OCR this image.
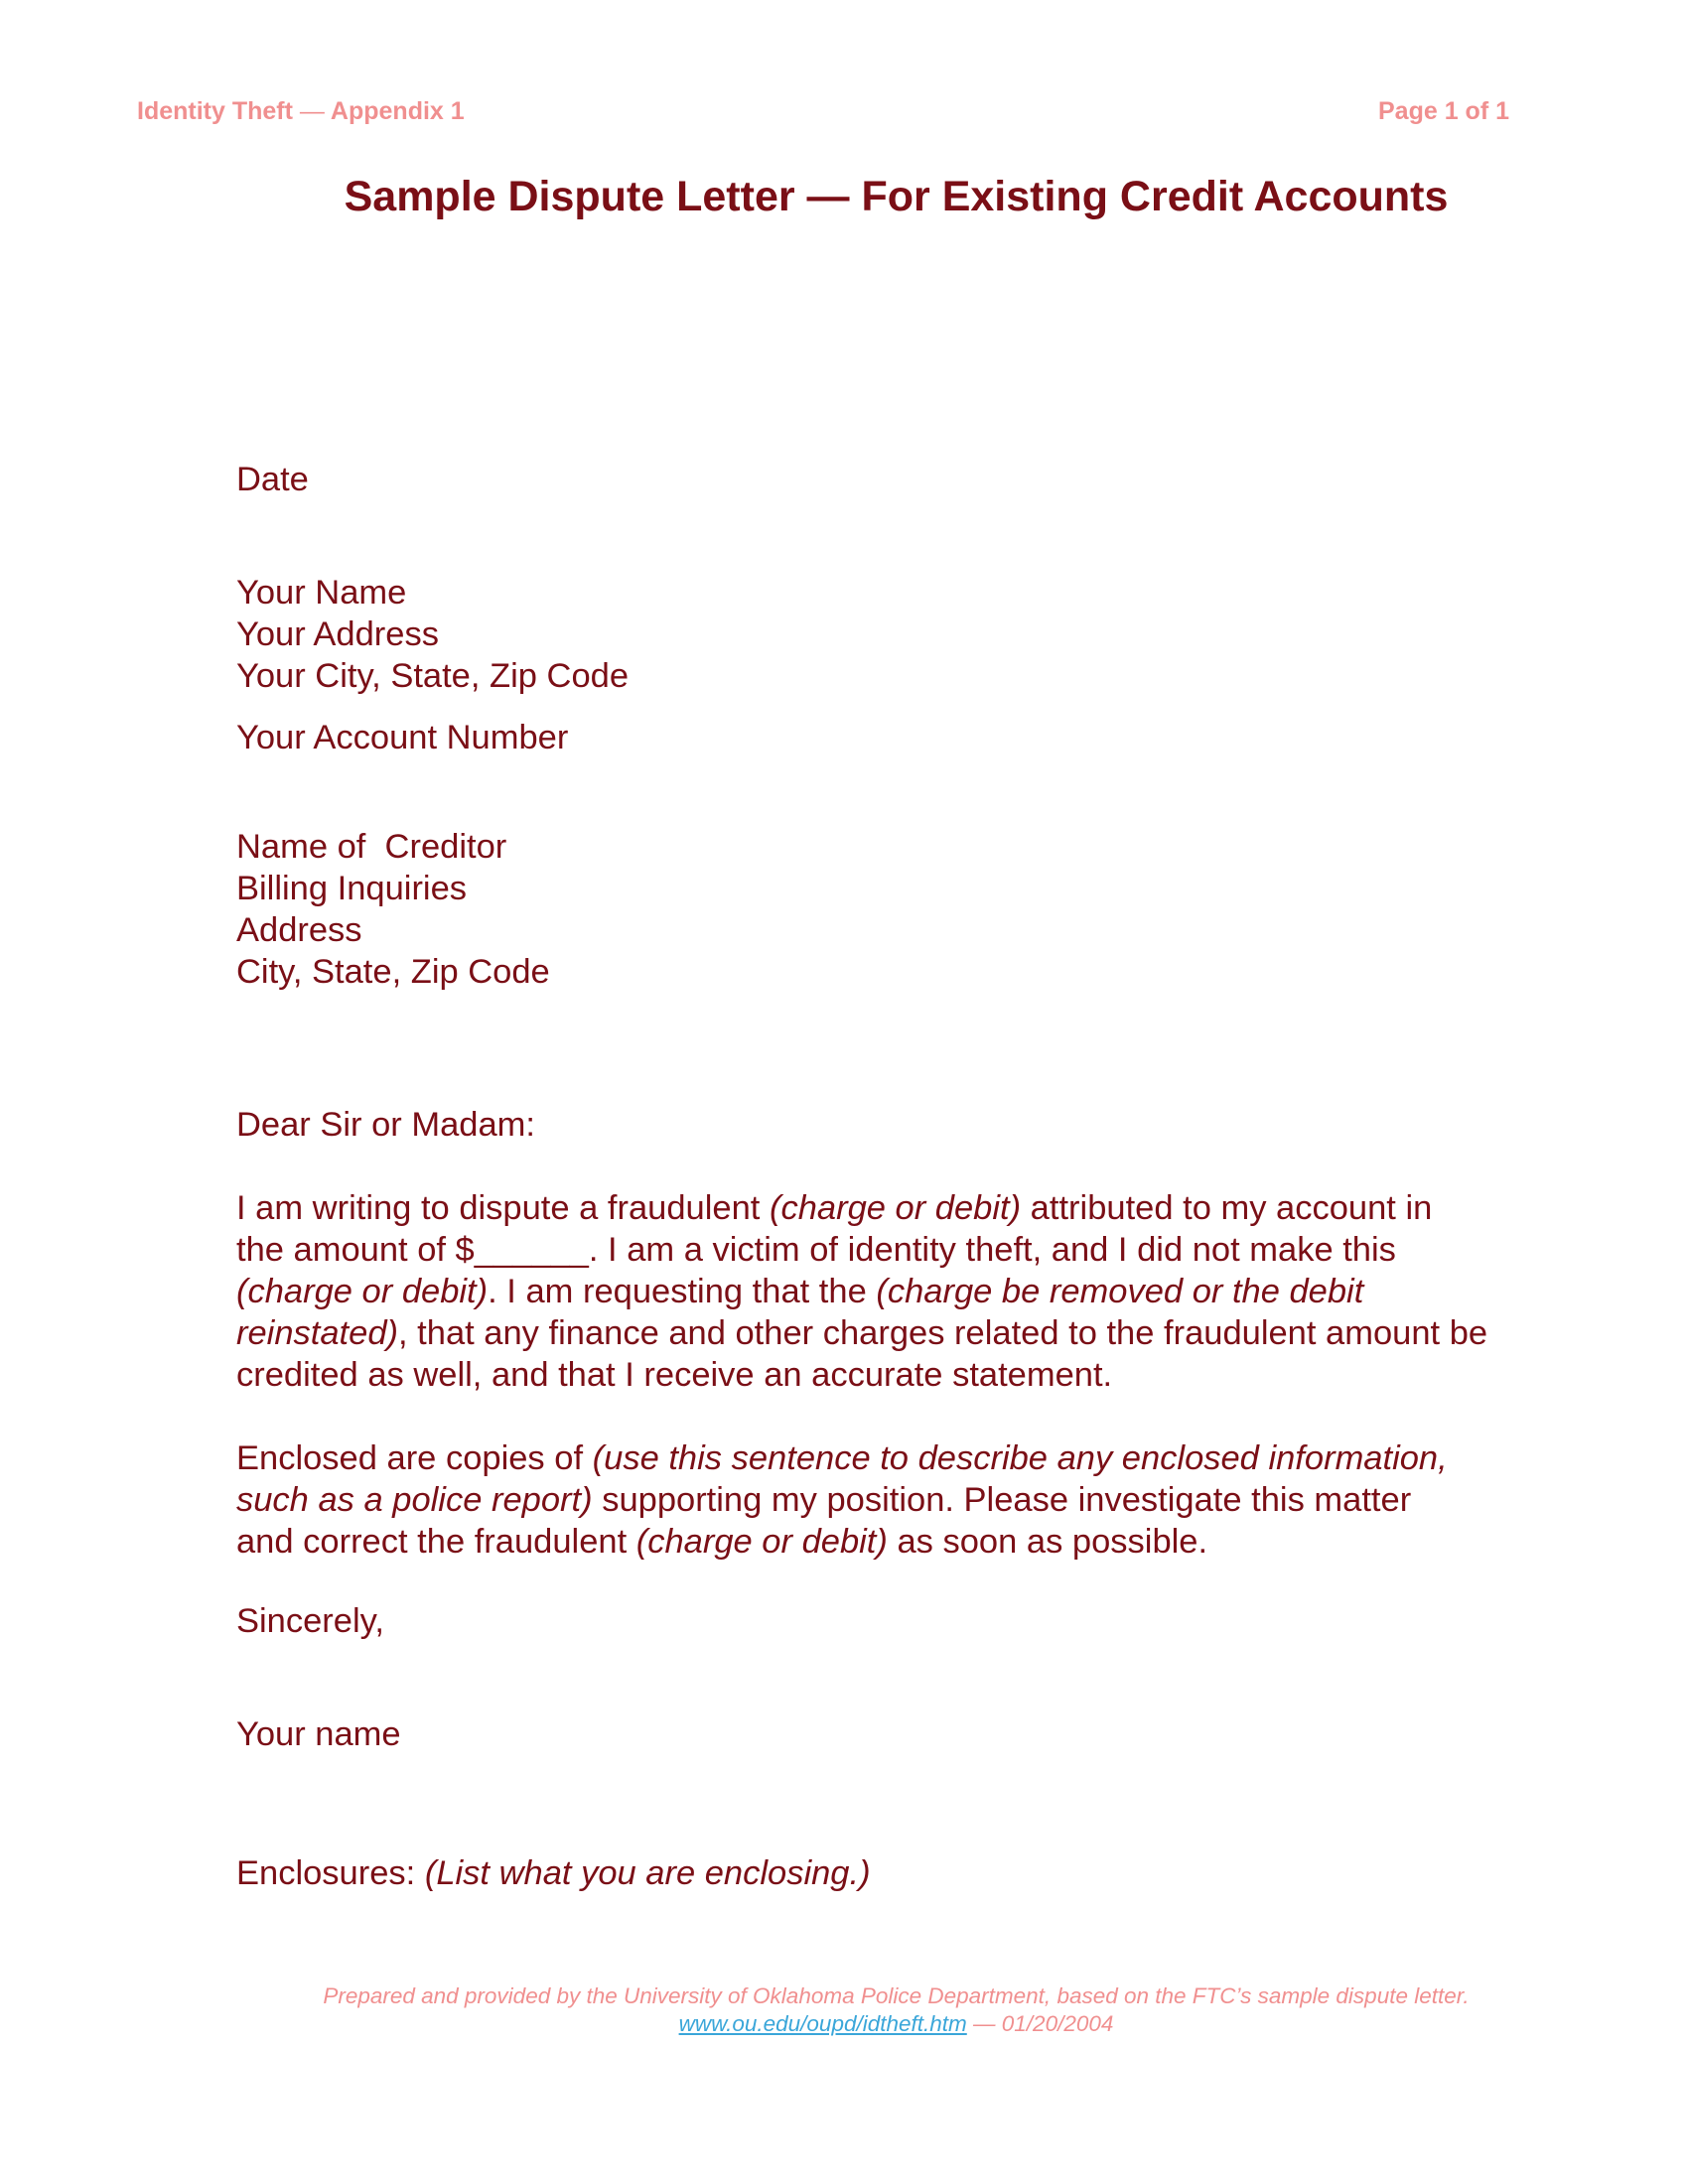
Identity Theft — Appendix 1	Page 1 of 1
Sample Dispute Letter — For Existing Credit Accounts
Date
Your Name
Your Address
Your City, State, Zip Code
Your Account Number
Name of  Creditor
Billing Inquiries
Address
City, State, Zip Code
Dear Sir or Madam:
I am writing to dispute a fraudulent (charge or debit) attributed to my account in
the amount of $______. I am a victim of identity theft, and I did not make this
(charge or debit). I am requesting that the (charge be removed or the debit
reinstated), that any finance and other charges related to the fraudulent amount be
credited as well, and that I receive an accurate statement.
Enclosed are copies of (use this sentence to describe any enclosed information,
such as a police report) supporting my position. Please investigate this matter
and correct the fraudulent (charge or debit) as soon as possible.
Sincerely,
Your name
Enclosures: (List what you are enclosing.)
Prepared and provided by the University of Oklahoma Police Department, based on the FTC’s sample dispute letter.
www.ou.edu/oupd/idtheft.htm — 01/20/2004
